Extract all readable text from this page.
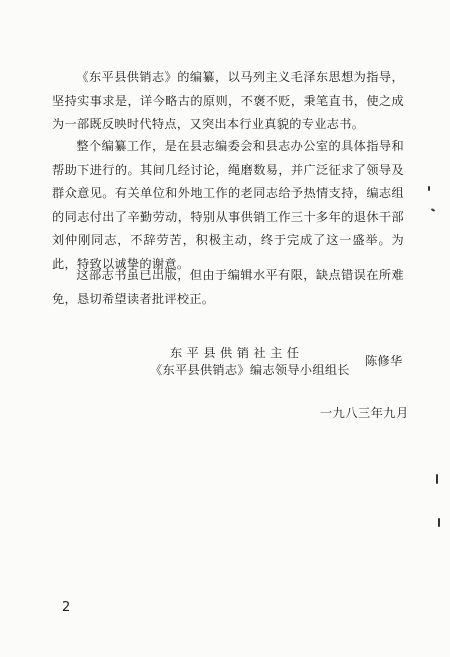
《东平县供销志》的编纂，以马列主义毛泽东思想为指导，坚持实事求是，详今略古的原则，不褒不贬，秉笔直书，使之成为一部既反映时代特点，又突出本行业真貌的专业志书。

整个编纂工作，是在县志编委会和县志办公室的具体指导和帮助下进行的。其间几经讨论，绳磨数易，并广泛征求了领导及群众意见。有关单位和外地工作的老同志给予热情支持，编志组的同志付出了辛勤劳动，特别从事供销工作三十多年的退休干部刘仲刚同志，不辞劳苦，积极主动，终于完成了这一盛举。为此，特致以诚挚的谢意。

这部志书虽已出版，但由于编辑水平有限，缺点错误在所难免，恳切希望读者批评校正。

东平县供销社主任
《东平县供销志》编志领导小组组长
陈修华
一九八三年九月
2
